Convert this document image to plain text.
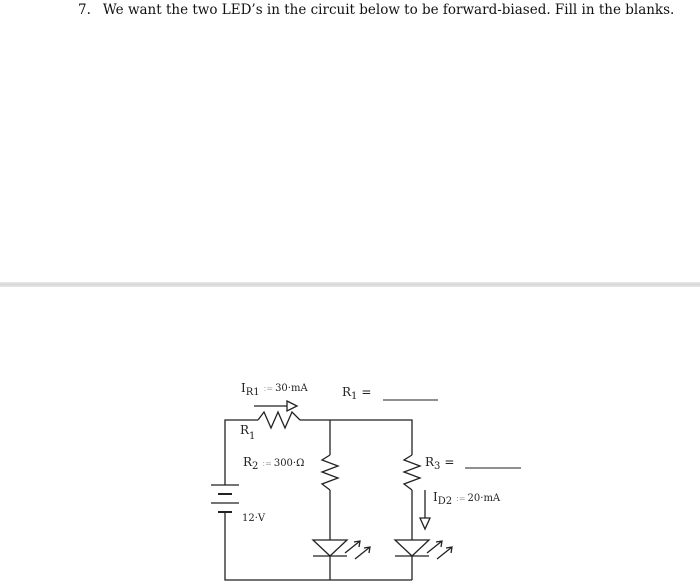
7. We want the two LED’s in the circuit below to be forward-biased. Fill in the blanks.
$I_{R1}$ := 30·mA	$R_1$ =
$R_1$
$R_2$ := 300·Ω	$R_3$ =
$I_{D2}$ := 20·mA
12·V
